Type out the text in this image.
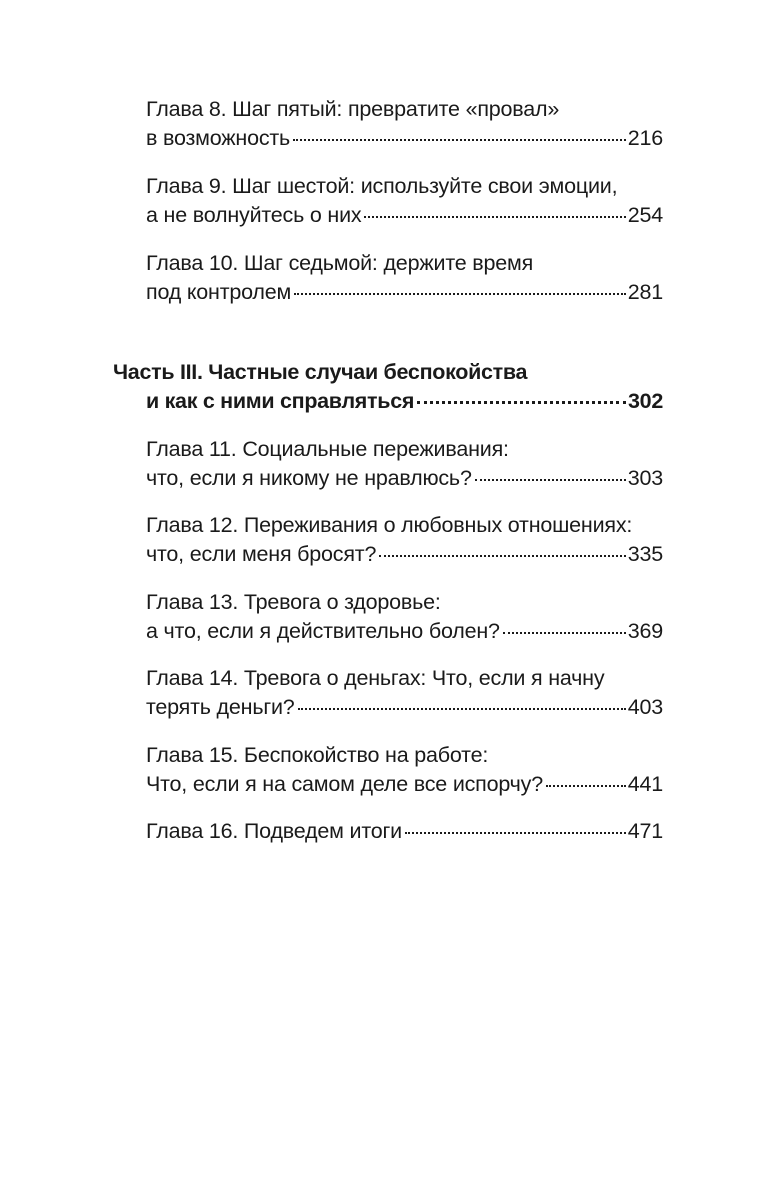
Глава 8. Шаг пятый: превратите «провал»
в возможность	216
Глава 9. Шаг шестой: используйте свои эмоции,
а не волнуйтесь о них	254
Глава 10. Шаг седьмой: держите время
под контролем	281
Часть III. Частные случаи беспокойства
и как с ними справляться	302
Глава 11. Социальные переживания:
что, если я никому не нравлюсь?	303
Глава 12. Переживания о любовных отношениях:
что, если меня бросят?	335
Глава 13. Тревога о здоровье:
а что, если я действительно болен?	369
Глава 14. Тревога о деньгах: Что, если я начну
терять деньги?	403
Глава 15. Беспокойство на работе:
Что, если я на самом деле все испорчу?	441
Глава 16. Подведем итоги	471
